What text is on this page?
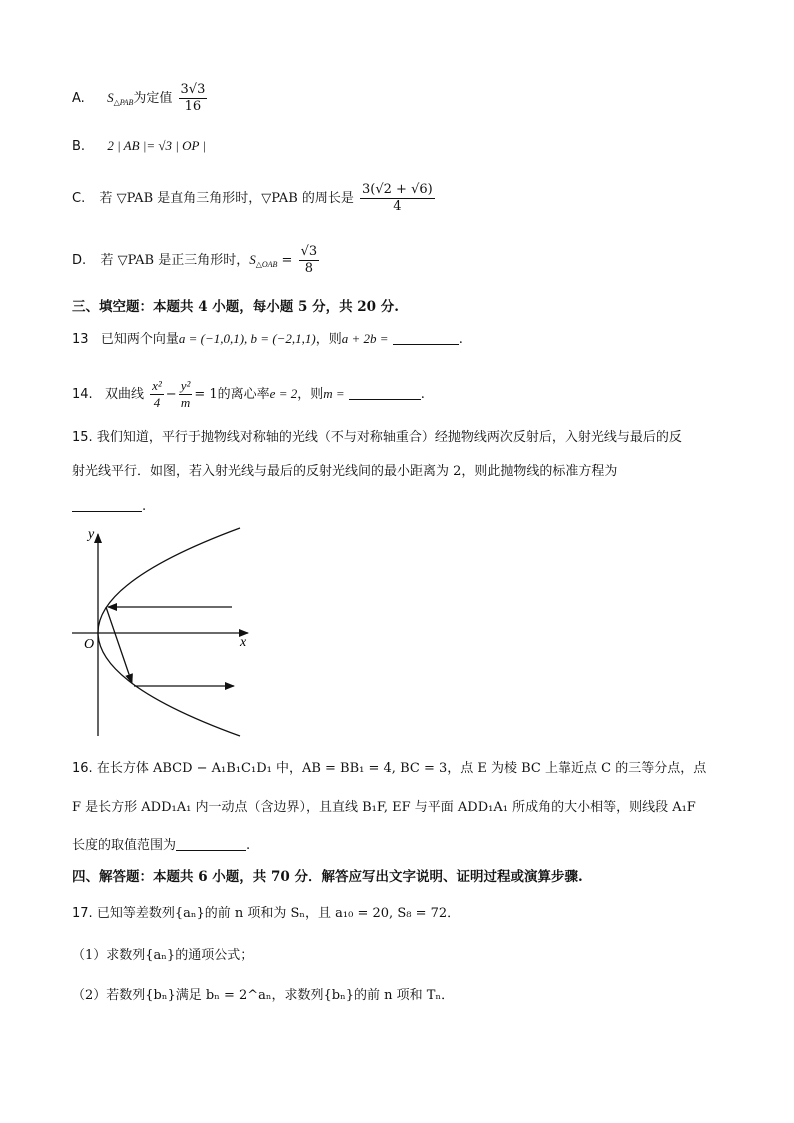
A. $S_{\triangle PAB}$为定值 $\frac{3√3}{16}$
B. 2 | AB |= √3 | OP |
C. 若 ▽PAB 是直角三角形时，▽PAB 的周长是 $\frac{3(√2 + √6)}{4}$
D. 若 ▽PAB 是正三角形时，$S_{\triangle OAB} = \frac{√3}{8}$
三、填空题：本题共 4 小题，每小题 5 分，共 20 分.
13 已知两个向量a = (−1,0,1), b = (−2,1,1)，则a + 2b =	.
14. 双曲线 $\frac{\text{x²}}{4} - \frac{\text{y²}}{m} = 1$的离心率e = 2，则m =	.
15. 我们知道，平行于抛物线对称轴的光线（不与对称轴重合）经抛物线两次反射后，入射光线与最后的反
射光线平行．如图，若入射光线与最后的反射光线间的最小距离为 2，则此抛物线的标准方程为
.
y
x
O
16. 在长方体 ABCD − A₁B₁C₁D₁ 中，AB = BB₁ = 4, BC = 3，点 E 为棱 BC 上靠近点 C 的三等分点，点
F 是长方形 ADD₁A₁ 内一动点（含边界），且直线 B₁F, EF 与平面 ADD₁A₁ 所成角的大小相等，则线段 A₁F
长度的取值范围为	.
四、解答题：本题共 6 小题，共 70 分．解答应写出文字说明、证明过程或演算步骤.
17. 已知等差数列{aₙ}的前 n 项和为 Sₙ，且 a₁₀ = 20, S₈ = 72．
（1）求数列{aₙ}的通项公式；
（2）若数列{bₙ}满足 bₙ = 2^aₙ，求数列{bₙ}的前 n 项和 Tₙ．
